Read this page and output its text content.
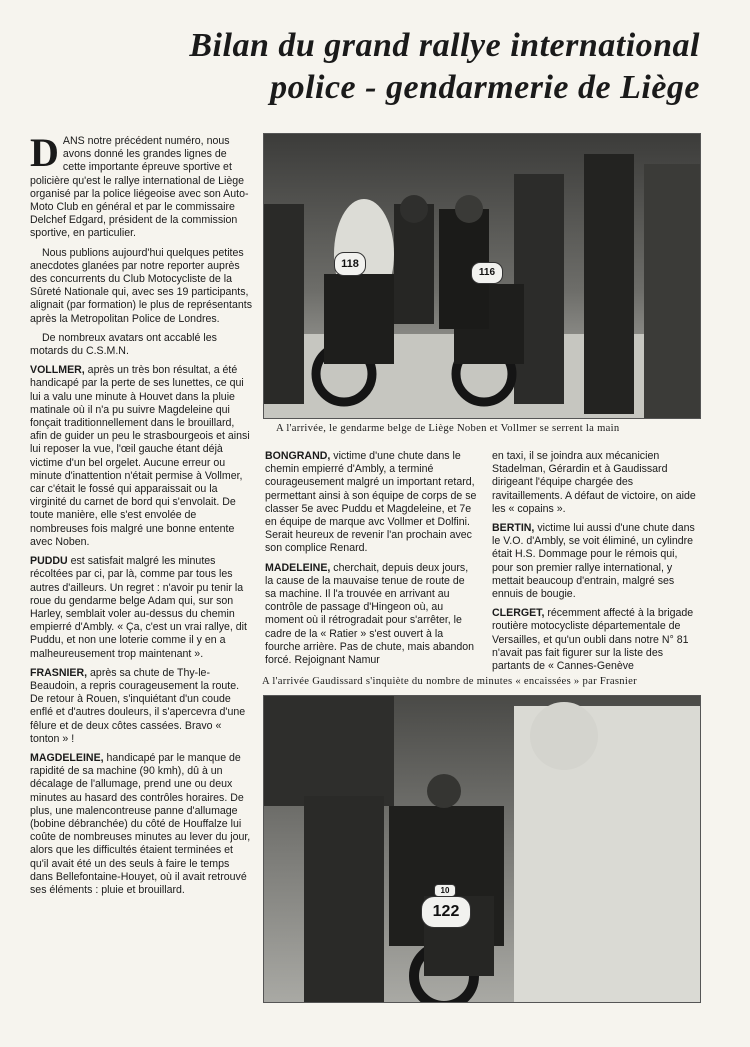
Bilan du grand rallye international
police - gendarmerie de Liège

DANS notre précédent numéro, nous avons donné les grandes lignes de cette importante épreuve sportive et policière qu'est le rallye international de Liège organisé par la police liégeoise avec son Auto-Moto Club en général et par le commissaire Delchef Edgard, président de la commission sportive, en particulier.

Nous publions aujourd'hui quelques petites anecdotes glanées par notre reporter auprès des concurrents du Club Motocycliste de la Sûreté Nationale qui, avec ses 19 participants, alignait (par formation) le plus de représentants après la Metropolitan Police de Londres.

De nombreux avatars ont accablé les motards du C.S.M.N.

VOLLMER, après un très bon résultat, a été handicapé par la perte de ses lunettes, ce qui lui a valu une minute à Houvet dans la pluie matinale où il n'a pu suivre Magdeleine qui fonçait traditionnellement dans le brouillard, afin de guider un peu le strasbourgeois et ainsi lui reposer la vue, l'œil gauche étant déjà victime d'un bel orgelet. Aucune erreur ou minute d'inattention n'était permise à Vollmer, car c'était le fossé qui apparaissait ou la virginité du carnet de bord qui s'envolait. De toute manière, elle s'est envolée de nombreuses fois malgré une bonne entente avec Noben.

PUDDU est satisfait malgré les minutes récoltées par ci, par là, comme par tous les autres d'ailleurs. Un regret : n'avoir pu tenir la roue du gendarme belge Adam qui, sur son Harley, semblait voler au-dessus du chemin empierré d'Ambly. « Ça, c'est un vrai rallye, dit Puddu, et non une loterie comme il y en a malheureusement trop maintenant ».

FRASNIER, après sa chute de Thy-le-Beaudoin, a repris courageusement la route. De retour à Rouen, s'inquiétant d'un coude enflé et d'autres douleurs, il s'apercevra d'une fêlure et de deux côtes cassées. Bravo « tonton » !

MAGDELEINE, handicapé par le manque de rapidité de sa machine (90 kmh), dû à un décalage de l'allumage, prend une ou deux minutes au hasard des contrôles horaires. De plus, une malencontreuse panne d'allumage (bobine débranchée) du côté de Houffalze lui coûte de nombreuses minutes au lever du jour, alors que les difficultés étaient terminées et qu'il avait été un des seuls à faire le temps dans Bellefontaine-Houyet, où il avait retrouvé ses éléments : pluie et brouillard.

118
116
A l'arrivée, le gendarme belge de Liège Noben et Vollmer se serrent la main

BONGRAND, victime d'une chute dans le chemin empierré d'Ambly, a terminé courageusement malgré un important retard, permettant ainsi à son équipe de corps de se classer 5e avec Puddu et Magdeleine, et 7e en équipe de marque avc Vollmer et Dolfini. Serait heureux de revenir l'an prochain avec son complice Renard.

MADELEINE, cherchait, depuis deux jours, la cause de la mauvaise tenue de route de sa machine. Il l'a trouvée en arrivant au contrôle de passage d'Hingeon où, au moment où il rétrogradait pour s'arrêter, le cadre de la « Ratier » s'est ouvert à la fourche arrière. Pas de chute, mais abandon forcé. Rejoignant Namur

en taxi, il se joindra aux mécanicien Stadelman, Gérardin et à Gaudissard dirigeant l'équipe chargée des ravitaillements. A défaut de victoire, on aide les « copains ».

BERTIN, victime lui aussi d'une chute dans le V.O. d'Ambly, se voit éliminé, un cylindre était H.S. Dommage pour le rémois qui, pour son premier rallye international, y mettait beaucoup d'entrain, malgré ses ennuis de bougie.

CLERGET, récemment affecté à la brigade routière motocycliste départementale de Versailles, et qu'un oubli dans notre N° 81 n'avait pas fait figurer sur la liste des partants de « Cannes-Genève

A l'arrivée Gaudissard s'inquiète du nombre de minutes « encaissées » par Frasnier
122
10
